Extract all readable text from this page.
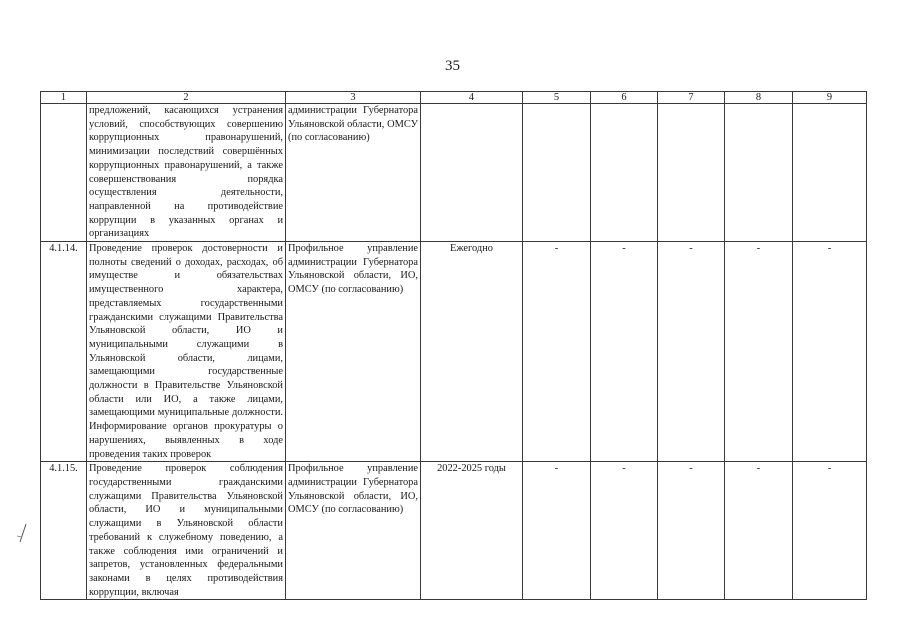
35
1	2	3	4	5	6	7	8	9
	предложений, касающихся устранения условий, способствующих совершению коррупционных правонарушений, минимизации последствий совершённых коррупционных правонарушений, а также совершенствования порядка осуществления деятельности, направленной на противодействие коррупции в указанных органах и организациях	администрации Губернатора Ульяновской области, ОМСУ (по согласованию)						
4.1.14.	Проведение проверок достоверности и полноты сведений о доходах, расходах, об имуществе и обязательствах имущественного характера, представляемых государственными гражданскими служащими Правительства Ульяновской области, ИО и муниципальными служащими в Ульяновской области, лицами, замещающими государственные должности в Правительстве Ульяновской области или ИО, а также лицами, замещающими муниципальные должности. Информирование органов прокуратуры о нарушениях, выявленных в ходе проведения таких проверок	Профильное управление администрации Губернатора Ульяновской области, ИО, ОМСУ (по согласованию)	Ежегодно	-	-	-	-	-
4.1.15.	Проведение проверок соблюдения государственными гражданскими служащими Правительства Ульяновской области, ИО и муниципальными служащими в Ульяновской области требований к служебному поведению, а также соблюдения ими ограничений и запретов, установленных федеральными законами в целях противодействия коррупции, включая	Профильное управление администрации Губернатора Ульяновской области, ИО, ОМСУ (по согласованию)	2022-2025 годы	-	-	-	-	-
